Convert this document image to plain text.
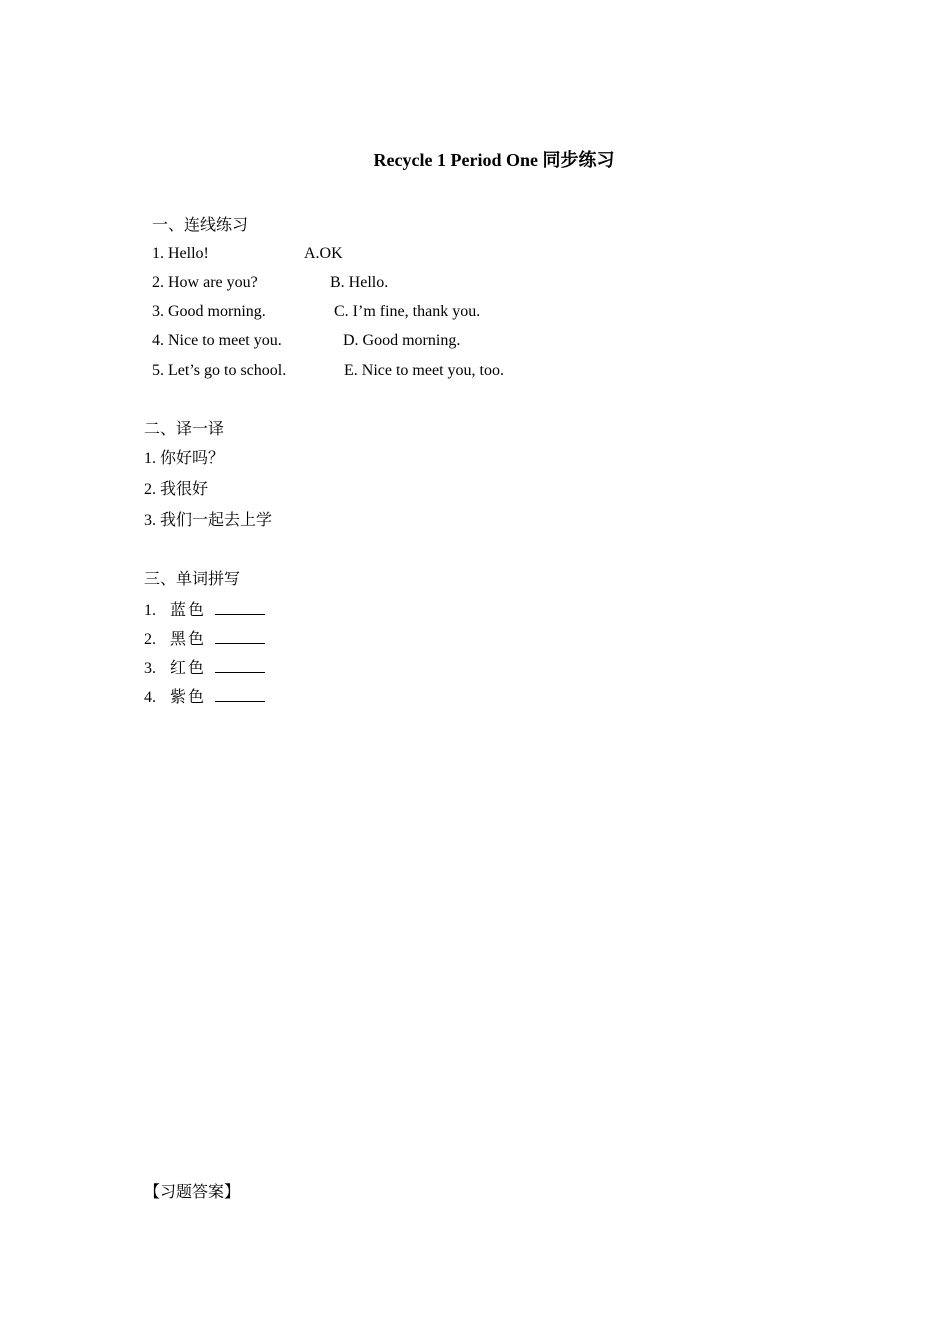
Recycle 1 Period One 同步练习
一、连线练习
1. Hello!	A.OK
2. How are you?	B. Hello.
3. Good morning.	C. I’m fine, thank you.
4. Nice to meet you.	D. Good morning.
5. Let’s go to school.	E. Nice to meet you, too.
二、译一译
1. 你好吗？
2. 我很好
3. 我们一起去上学
三、单词拼写
1. 蓝色
2. 黑色
3. 红色
4. 紫色
【习题答案】
